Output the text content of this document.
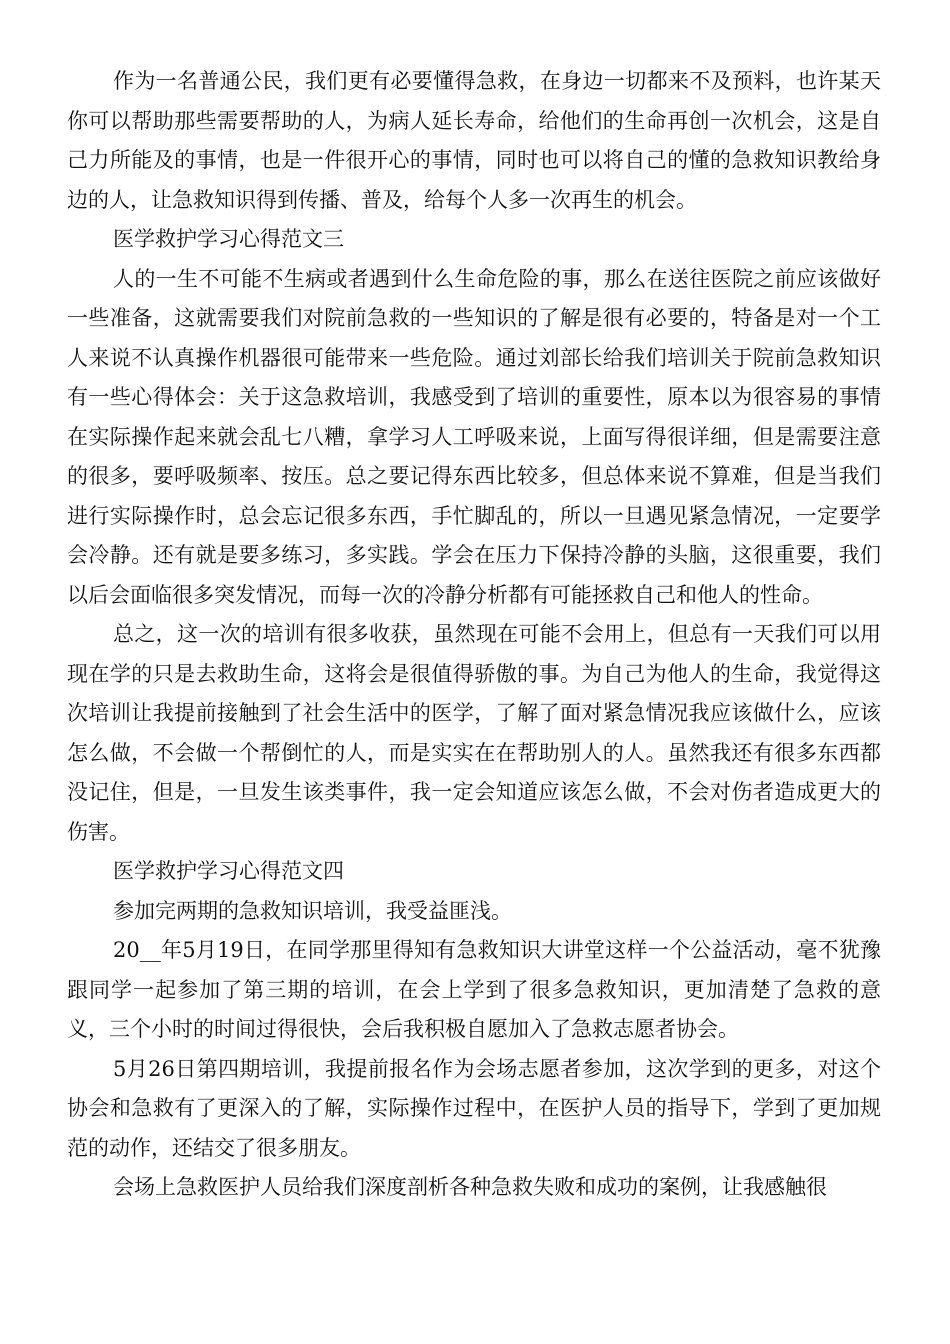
作为一名普通公民，我们更有必要懂得急救，在身边一切都来不及预料，也许某天你可以帮助那些需要帮助的人，为病人延长寿命，给他们的生命再创一次机会，这是自己力所能及的事情，也是一件很开心的事情，同时也可以将自己的懂的急救知识教给身边的人，让急救知识得到传播、普及，给每个人多一次再生的机会。

医学救护学习心得范文三

人的一生不可能不生病或者遇到什么生命危险的事，那么在送往医院之前应该做好一些准备，这就需要我们对院前急救的一些知识的了解是很有必要的，特备是对一个工人来说不认真操作机器很可能带来一些危险。通过刘部长给我们培训关于院前急救知识有一些心得体会：关于这急救培训，我感受到了培训的重要性，原本以为很容易的事情在实际操作起来就会乱七八糟，拿学习人工呼吸来说，上面写得很详细，但是需要注意的很多，要呼吸频率、按压。总之要记得东西比较多，但总体来说不算难，但是当我们进行实际操作时，总会忘记很多东西，手忙脚乱的，所以一旦遇见紧急情况，一定要学会冷静。还有就是要多练习，多实践。学会在压力下保持冷静的头脑，这很重要，我们以后会面临很多突发情况，而每一次的冷静分析都有可能拯救自己和他人的性命。

总之，这一次的培训有很多收获，虽然现在可能不会用上，但总有一天我们可以用现在学的只是去救助生命，这将会是很值得骄傲的事。为自己为他人的生命，我觉得这次培训让我提前接触到了社会生活中的医学，了解了面对紧急情况我应该做什么，应该怎么做，不会做一个帮倒忙的人，而是实实在在帮助别人的人。虽然我还有很多东西都没记住，但是，一旦发生该类事件，我一定会知道应该怎么做，不会对伤者造成更大的伤害。

医学救护学习心得范文四

参加完两期的急救知识培训，我受益匪浅。

20__年5月19日，在同学那里得知有急救知识大讲堂这样一个公益活动，毫不犹豫跟同学一起参加了第三期的培训，在会上学到了很多急救知识，更加清楚了急救的意义，三个小时的时间过得很快，会后我积极自愿加入了急救志愿者协会。

5月26日第四期培训，我提前报名作为会场志愿者参加，这次学到的更多，对这个协会和急救有了更深入的了解，实际操作过程中，在医护人员的指导下，学到了更加规范的动作，还结交了很多朋友。

会场上急救医护人员给我们深度剖析各种急救失败和成功的案例，让我感触很
